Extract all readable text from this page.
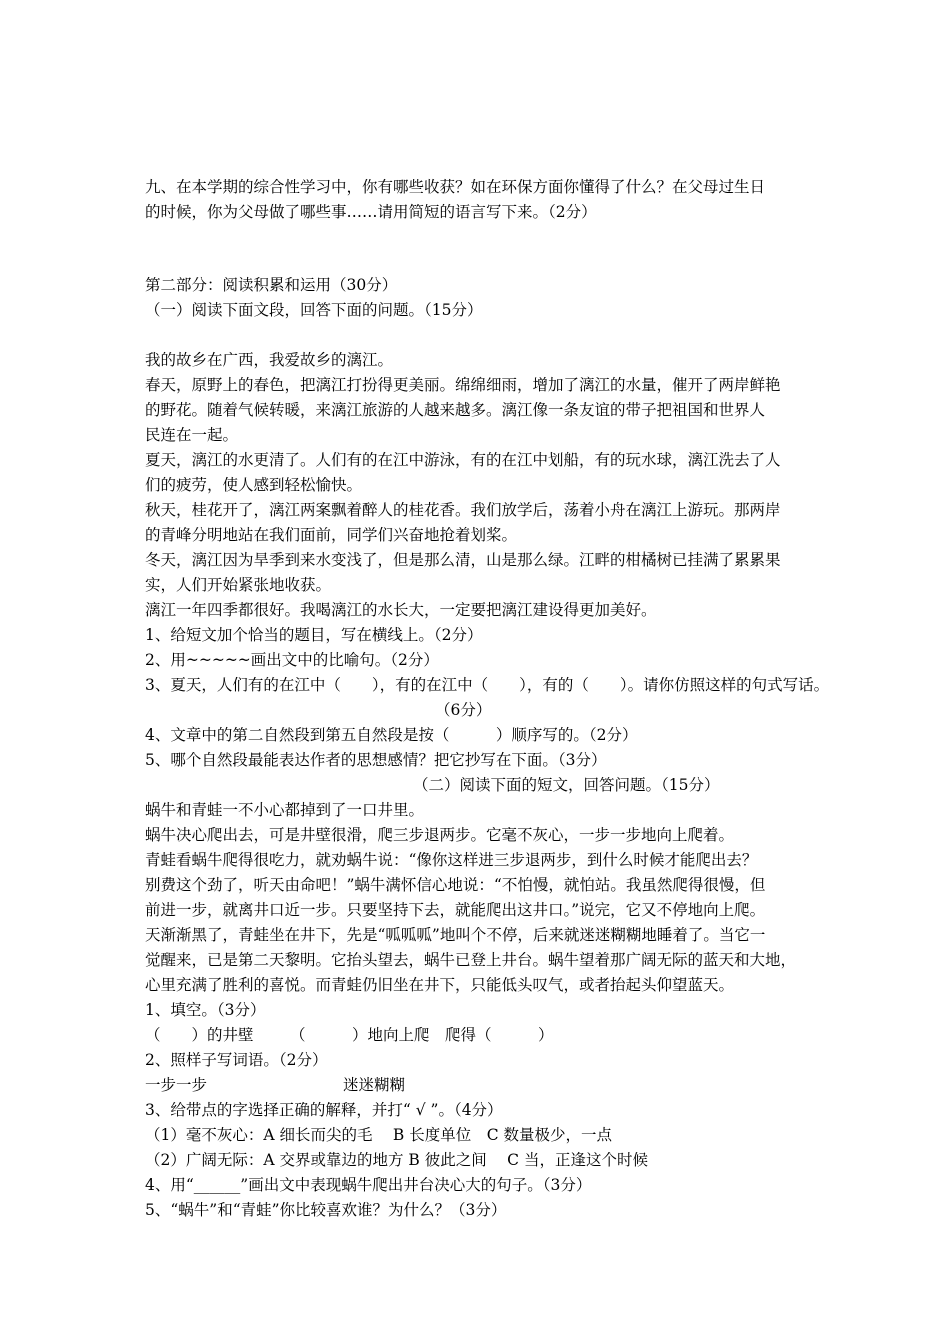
九、在本学期的综合性学习中，你有哪些收获？如在环保方面你懂得了什么？在父母过生日
的时候，你为父母做了哪些事……请用简短的语言写下来。（2分）
第二部分：阅读积累和运用（30分）
（一）阅读下面文段，回答下面的问题。（15分）
我的故乡在广西，我爱故乡的漓江。
春天，原野上的春色，把漓江打扮得更美丽。绵绵细雨，增加了漓江的水量，催开了两岸鲜艳
的野花。随着气候转暖，来漓江旅游的人越来越多。漓江像一条友谊的带子把祖国和世界人
民连在一起。
夏天，漓江的水更清了。人们有的在江中游泳，有的在江中划船，有的玩水球，漓江洗去了人
们的疲劳，使人感到轻松愉快。
秋天，桂花开了，漓江两案飘着醉人的桂花香。我们放学后，荡着小舟在漓江上游玩。那两岸
的青峰分明地站在我们面前，同学们兴奋地抢着划桨。
冬天，漓江因为旱季到来水变浅了，但是那么清，山是那么绿。江畔的柑橘树已挂满了累累果
实，人们开始紧张地收获。
漓江一年四季都很好。我喝漓江的水长大，一定要把漓江建设得更加美好。
1、给短文加个恰当的题目，写在横线上。（2分）
2、用~~~~~画出文中的比喻句。（2分）
3、夏天，人们有的在江中（　　），有的在江中（　　），有的（　　）。请你仿照这样的句式写话。
（6分）
4、文章中的第二自然段到第五自然段是按（　　　）顺序写的。（2分）
5、哪个自然段最能表达作者的思想感情？把它抄写在下面。（3分）
（二）阅读下面的短文，回答问题。（15分）
蜗牛和青蛙一不小心都掉到了一口井里。
蜗牛决心爬出去，可是井壁很滑，爬三步退两步。它毫不灰心，一步一步地向上爬着。
青蛙看蜗牛爬得很吃力，就劝蜗牛说：“像你这样进三步退两步，到什么时候才能爬出去？
别费这个劲了，听天由命吧！”蜗牛满怀信心地说：“不怕慢，就怕站。我虽然爬得很慢，但
前进一步，就离井口近一步。只要坚持下去，就能爬出这井口。”说完，它又不停地向上爬。
天渐渐黑了，青蛙坐在井下，先是“呱呱呱”地叫个不停，后来就迷迷糊糊地睡着了。当它一
觉醒来，已是第二天黎明。它抬头望去，蜗牛已登上井台。蜗牛望着那广阔无际的蓝天和大地，
心里充满了胜利的喜悦。而青蛙仍旧坐在井下，只能低头叹气，或者抬起头仰望蓝天。
1、填空。（3分）
（　　）的井壁 （　　　）地向上爬 爬得（　　　）
2、照样子写词语。（2分）
一步一步	迷迷糊糊
3、给带点的字选择正确的解释，并打“ √ ”。（4分）
（1）毫不灰心：A 细长而尖的毛　 B 长度单位　C 数量极少，一点
（2）广阔无际：A 交界或靠边的地方 B 彼此之间　 C 当，正逢这个时候
4、用“______”画出文中表现蜗牛爬出井台决心大的句子。（3分）
5、“蜗牛”和“青蛙”你比较喜欢谁？为什么？（3分）
